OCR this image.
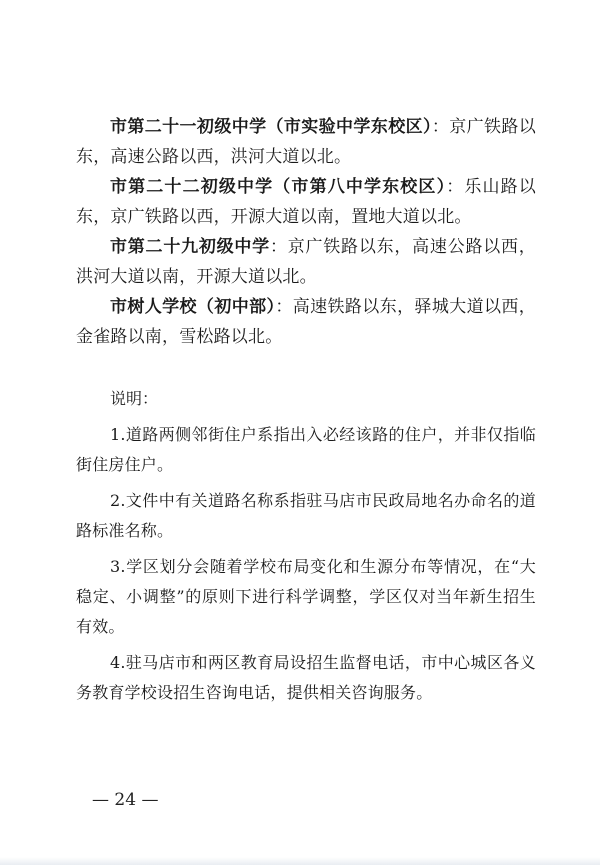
市第二十一初级中学（市实验中学东校区）：京广铁路以东，高速公路以西，洪河大道以北。

市第二十二初级中学（市第八中学东校区）：乐山路以东，京广铁路以西，开源大道以南，置地大道以北。

市第二十九初级中学：京广铁路以东，高速公路以西，洪河大道以南，开源大道以北。

市树人学校（初中部）：高速铁路以东，驿城大道以西，金雀路以南，雪松路以北。

说明：

1.道路两侧邻街住户系指出入必经该路的住户，并非仅指临街住房住户。

2.文件中有关道路名称系指驻马店市民政局地名办命名的道路标准名称。

3.学区划分会随着学校布局变化和生源分布等情况，在“大稳定、小调整”的原则下进行科学调整，学区仅对当年新生招生有效。

4.驻马店市和两区教育局设招生监督电话，市中心城区各义务教育学校设招生咨询电话，提供相关咨询服务。

— 24 —
